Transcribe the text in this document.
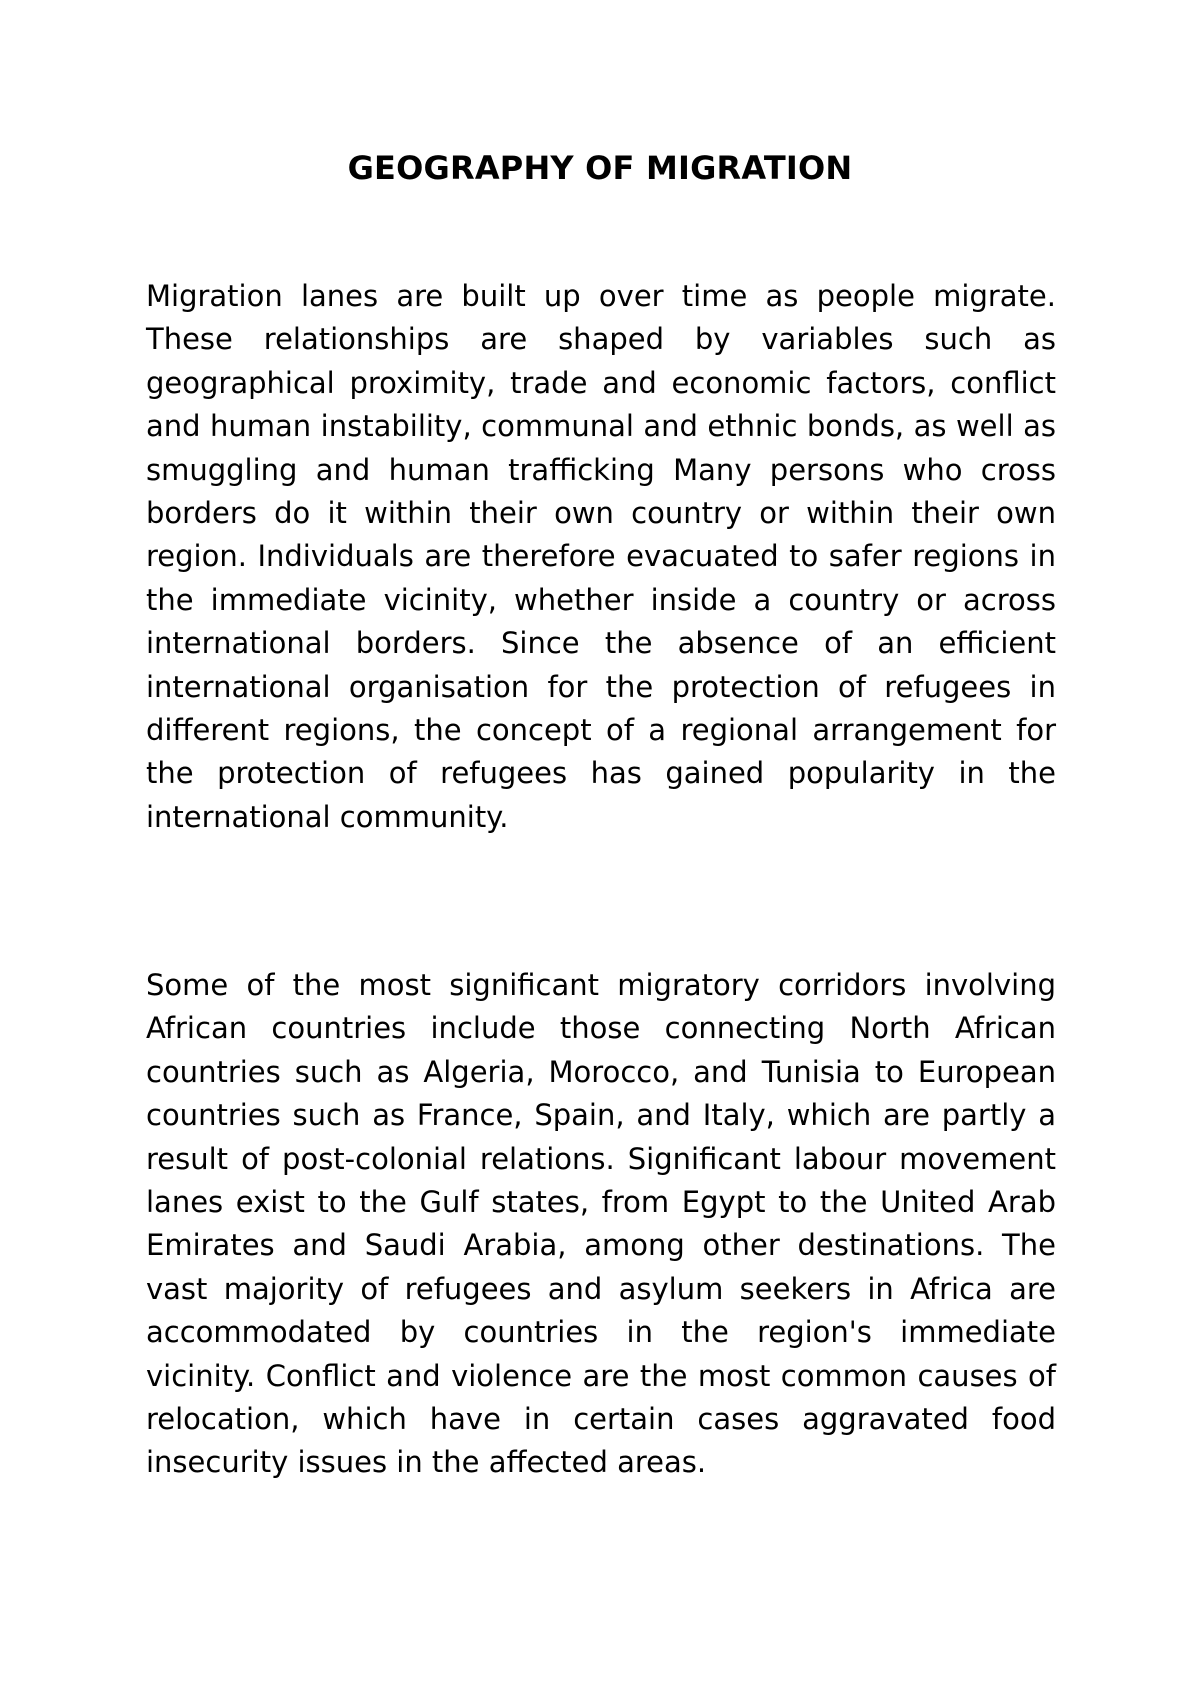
GEOGRAPHY OF MIGRATION

Migration lanes are built up over time as people migrate. These relationships are shaped by variables such as geographical proximity, trade and economic factors, conflict and human instability, communal and ethnic bonds, as well as smuggling and human trafficking Many persons who cross borders do it within their own country or within their own region. Individuals are therefore evacuated to safer regions in the immediate vicinity, whether inside a country or across international borders. Since the absence of an efficient international organisation for the protection of refugees in different regions, the concept of a regional arrangement for the protection of refugees has gained popularity in the international community.

Some of the most significant migratory corridors involving African countries include those connecting North African countries such as Algeria, Morocco, and Tunisia to European countries such as France, Spain, and Italy, which are partly a result of post-colonial relations. Significant labour movement lanes exist to the Gulf states, from Egypt to the United Arab Emirates and Saudi Arabia, among other destinations. The vast majority of refugees and asylum seekers in Africa are accommodated by countries in the region's immediate vicinity. Conflict and violence are the most common causes of relocation, which have in certain cases aggravated food insecurity issues in the affected areas.
